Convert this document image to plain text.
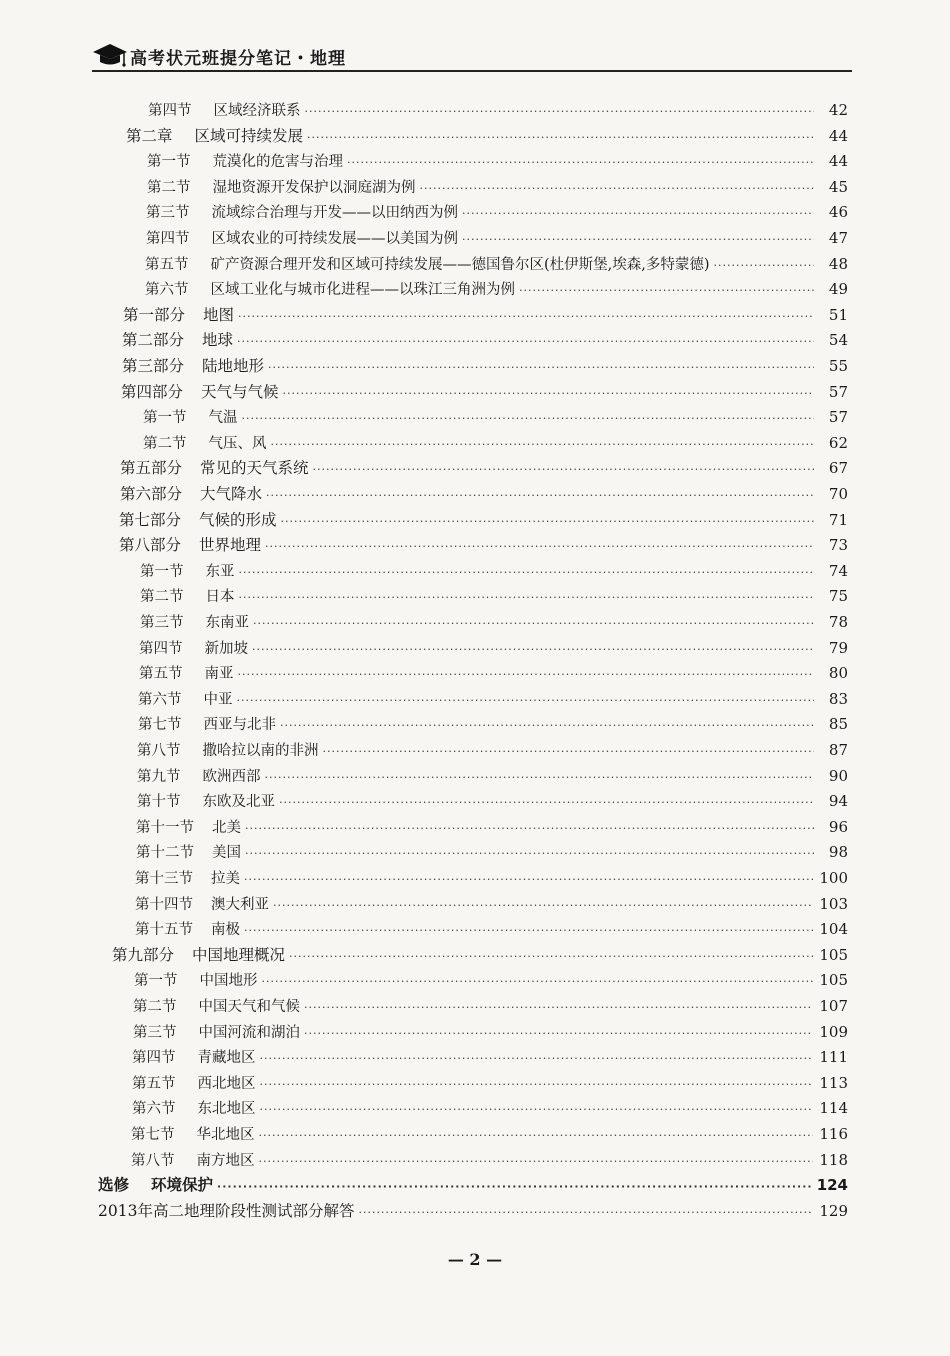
高考状元班提分笔记・地理
第四节 区域经济联系 ·····	42
第二章 区域可持续发展 ·····	44
第一节 荒漠化的危害与治理 ·····	44
第二节 湿地资源开发保护以洞庭湖为例 ·····	45
第三节 流域综合治理与开发——以田纳西为例 ·····	46
第四节 区域农业的可持续发展——以美国为例 ·····	47
第五节 矿产资源合理开发和区域可持续发展——德国鲁尔区(杜伊斯堡,埃森,多特蒙德) ·····	48
第六节 区域工业化与城市化进程——以珠江三角洲为例 ·····	49
第一部分 地图 ·····	51
第二部分 地球 ·····	54
第三部分 陆地地形 ·····	55
第四部分 天气与气候 ·····	57
第一节 气温 ·····	57
第二节 气压、风 ·····	62
第五部分 常见的天气系统 ·····	67
第六部分 大气降水 ·····	70
第七部分 气候的形成 ·····	71
第八部分 世界地理 ·····	73
第一节 东亚 ·····	74
第二节 日本 ·····	75
第三节 东南亚 ·····	78
第四节 新加坡 ·····	79
第五节 南亚 ·····	80
第六节 中亚 ·····	83
第七节 西亚与北非 ·····	85
第八节 撒哈拉以南的非洲 ·····	87
第九节 欧洲西部 ·····	90
第十节 东欧及北亚 ·····	94
第十一节 北美 ·····	96
第十二节 美国 ·····	98
第十三节 拉美 ·····	100
第十四节 澳大利亚 ·····	103
第十五节 南极 ·····	104
第九部分 中国地理概况 ·····	105
第一节 中国地形 ·····	105
第二节 中国天气和气候 ·····	107
第三节 中国河流和湖泊 ·····	109
第四节 青藏地区 ·····	111
第五节 西北地区 ·····	113
第六节 东北地区 ·····	114
第七节 华北地区 ·····	116
第八节 南方地区 ·····	118
选修 环境保护 ·····	124
2013年高二地理阶段性测试部分解答 ·····	129
— 2 —
